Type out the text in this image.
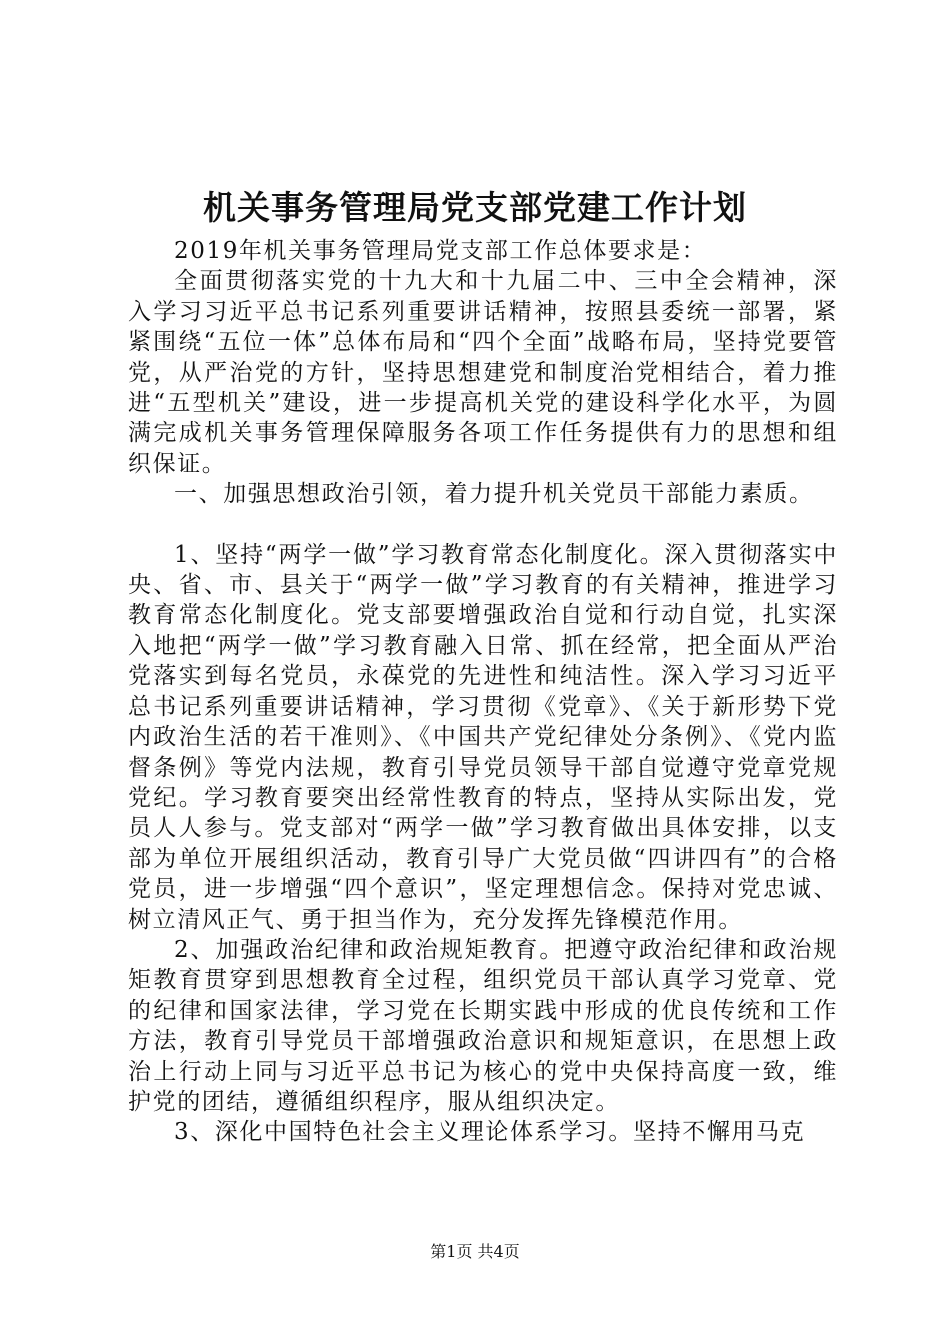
机关事务管理局党支部党建工作计划

2019年机关事务管理局党支部工作总体要求是：

全面贯彻落实党的十九大和十九届二中、三中全会精神，深入学习习近平总书记系列重要讲话精神，按照县委统一部署，紧紧围绕“五位一体”总体布局和“四个全面”战略布局，坚持党要管党，从严治党的方针，坚持思想建党和制度治党相结合，着力推进“五型机关”建设，进一步提高机关党的建设科学化水平，为圆满完成机关事务管理保障服务各项工作任务提供有力的思想和组织保证。

一、加强思想政治引领，着力提升机关党员干部能力素质。

1、坚持“两学一做”学习教育常态化制度化。深入贯彻落实中央、省、市、县关于“两学一做”学习教育的有关精神，推进学习教育常态化制度化。党支部要增强政治自觉和行动自觉，扎实深入地把“两学一做”学习教育融入日常、抓在经常，把全面从严治党落实到每名党员，永葆党的先进性和纯洁性。深入学习习近平总书记系列重要讲话精神，学习贯彻《党章》、《关于新形势下党内政治生活的若干准则》、《中国共产党纪律处分条例》、《党内监督条例》等党内法规，教育引导党员领导干部自觉遵守党章党规党纪。学习教育要突出经常性教育的特点，坚持从实际出发，党员人人参与。党支部对“两学一做”学习教育做出具体安排，以支部为单位开展组织活动，教育引导广大党员做“四讲四有”的合格党员，进一步增强“四个意识”，坚定理想信念。保持对党忠诚、树立清风正气、勇于担当作为，充分发挥先锋模范作用。

2、加强政治纪律和政治规矩教育。把遵守政治纪律和政治规矩教育贯穿到思想教育全过程，组织党员干部认真学习党章、党的纪律和国家法律，学习党在长期实践中形成的优良传统和工作方法，教育引导党员干部增强政治意识和规矩意识，在思想上政治上行动上同与习近平总书记为核心的党中央保持高度一致，维护党的团结，遵循组织程序，服从组织决定。

3、深化中国特色社会主义理论体系学习。坚持不懈用马克

第1页 共4页
